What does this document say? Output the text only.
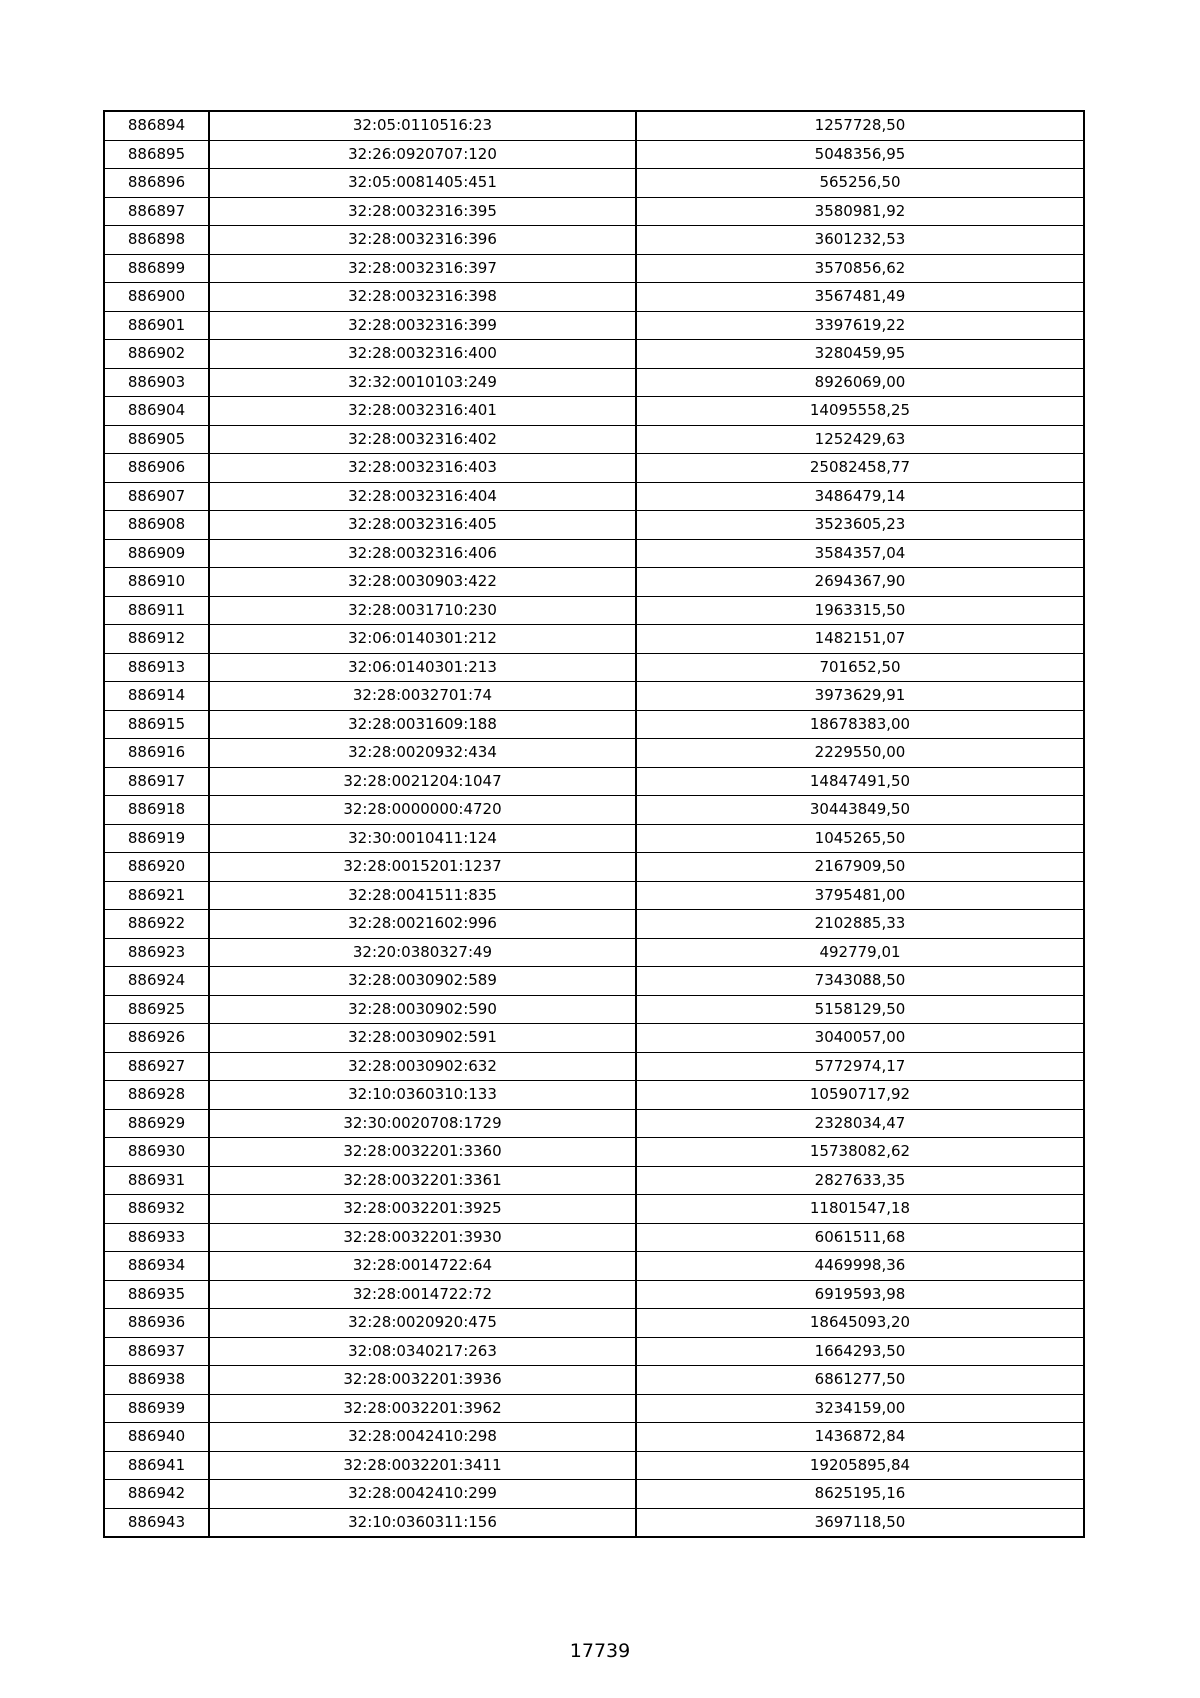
886894	32:05:0110516:23	1257728,50
886895	32:26:0920707:120	5048356,95
886896	32:05:0081405:451	565256,50
886897	32:28:0032316:395	3580981,92
886898	32:28:0032316:396	3601232,53
886899	32:28:0032316:397	3570856,62
886900	32:28:0032316:398	3567481,49
886901	32:28:0032316:399	3397619,22
886902	32:28:0032316:400	3280459,95
886903	32:32:0010103:249	8926069,00
886904	32:28:0032316:401	14095558,25
886905	32:28:0032316:402	1252429,63
886906	32:28:0032316:403	25082458,77
886907	32:28:0032316:404	3486479,14
886908	32:28:0032316:405	3523605,23
886909	32:28:0032316:406	3584357,04
886910	32:28:0030903:422	2694367,90
886911	32:28:0031710:230	1963315,50
886912	32:06:0140301:212	1482151,07
886913	32:06:0140301:213	701652,50
886914	32:28:0032701:74	3973629,91
886915	32:28:0031609:188	18678383,00
886916	32:28:0020932:434	2229550,00
886917	32:28:0021204:1047	14847491,50
886918	32:28:0000000:4720	30443849,50
886919	32:30:0010411:124	1045265,50
886920	32:28:0015201:1237	2167909,50
886921	32:28:0041511:835	3795481,00
886922	32:28:0021602:996	2102885,33
886923	32:20:0380327:49	492779,01
886924	32:28:0030902:589	7343088,50
886925	32:28:0030902:590	5158129,50
886926	32:28:0030902:591	3040057,00
886927	32:28:0030902:632	5772974,17
886928	32:10:0360310:133	10590717,92
886929	32:30:0020708:1729	2328034,47
886930	32:28:0032201:3360	15738082,62
886931	32:28:0032201:3361	2827633,35
886932	32:28:0032201:3925	11801547,18
886933	32:28:0032201:3930	6061511,68
886934	32:28:0014722:64	4469998,36
886935	32:28:0014722:72	6919593,98
886936	32:28:0020920:475	18645093,20
886937	32:08:0340217:263	1664293,50
886938	32:28:0032201:3936	6861277,50
886939	32:28:0032201:3962	3234159,00
886940	32:28:0042410:298	1436872,84
886941	32:28:0032201:3411	19205895,84
886942	32:28:0042410:299	8625195,16
886943	32:10:0360311:156	3697118,50
17739
